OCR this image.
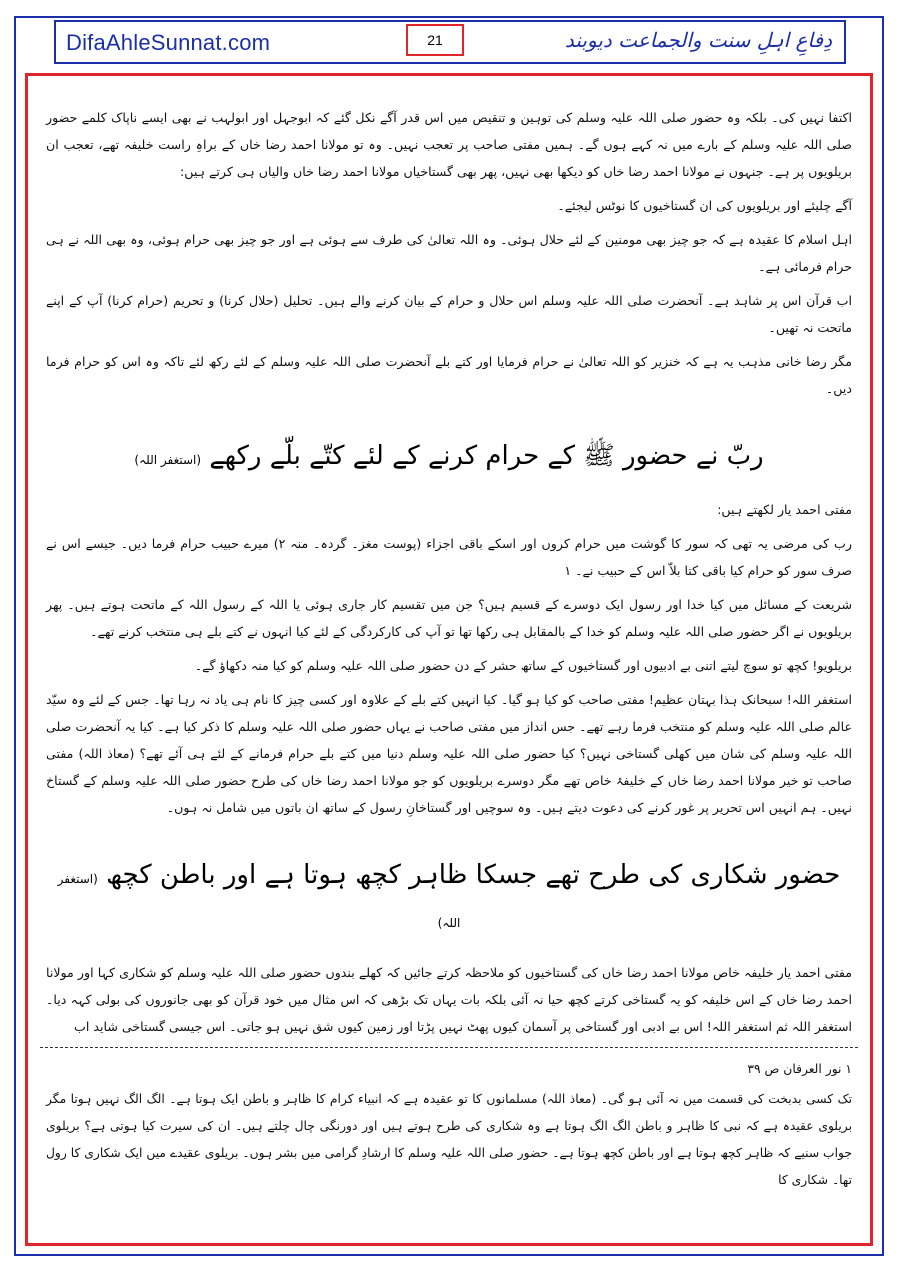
DifaAhleSunnat.com	21	دِفاعِ اہلِ سنت والجماعت دیوبند

اکتفا نہیں کی۔ بلکہ وہ حضور صلی اللہ علیہ وسلم کی توہین و تنقیص میں اس قدر آگے نکل گئے کہ ابوجہل اور ابولہب نے بھی ایسے ناپاک کلمے حضور صلی اللہ علیہ وسلم کے بارے میں نہ کہے ہوں گے۔ ہمیں مفتی صاحب پر تعجب نہیں۔ وہ تو مولانا احمد رضا خاں کے براہِ راست خلیفہ تھے، تعجب ان بریلویوں پر ہے۔ جنہوں نے مولانا احمد رضا خاں کو دیکھا بھی نہیں، پھر بھی گستاخیاں مولانا احمد رضا خاں والیاں ہی کرتے ہیں:

آگے چلیئے اور بریلویوں کی ان گستاخیوں کا نوٹس لیجئے۔

اہل اسلام کا عقیدہ ہے کہ جو چیز بھی مومنین کے لئے حلال ہوئی۔ وہ اللہ تعالیٰ کی طرف سے ہوئی ہے اور جو چیز بھی حرام ہوئی، وہ بھی اللہ نے ہی حرام فرمائی ہے۔

اب قرآن اس پر شاہد ہے۔ آنحضرت صلی اللہ علیہ وسلم اس حلال و حرام کے بیان کرنے والے ہیں۔ تحلیل (حلال کرنا) و تحریم (حرام کرنا) آپ کے اپنے ماتحت نہ تھیں۔

مگر رضا خانی مذہب یہ ہے کہ خنزیر کو اللہ تعالیٰ نے حرام فرمایا اور کتے بلے آنحضرت صلی اللہ علیہ وسلم کے لئے رکھ لئے تاکہ وہ اس کو حرام فرما دیں۔

ربّ نے حضور ﷺ کے حرام کرنے کے لئے کتّے بلّے رکھے (استغفر اللہ)

مفتی احمد یار لکھتے ہیں:

رب کی مرضی یہ تھی کہ سور کا گوشت میں حرام کروں اور اسکے باقی اجزاء (پوست مغز۔ گردہ۔ منہ ۲) میرے حبیب حرام فرما دیں۔ جیسے اس نے صرف سور کو حرام کیا باقی کتا بلاّ اس کے حبیب نے۔ ۱

شریعت کے مسائل میں کیا خدا اور رسول ایک دوسرے کے قسیم ہیں؟ جن میں تقسیم کار جاری ہوئی یا اللہ کے رسول اللہ کے ماتحت ہوتے ہیں۔ پھر بریلویوں نے اگر حضور صلی اللہ علیہ وسلم کو خدا کے بالمقابل ہی رکھا تھا تو آپ کی کارکردگی کے لئے کیا انہوں نے کتے بلے ہی منتخب کرنے تھے۔

بریلویو! کچھ تو سوچ لیتے اتنی بے ادبیوں اور گستاخیوں کے ساتھ حشر کے دن حضور صلی اللہ علیہ وسلم کو کیا منہ دکھاؤ گے۔

استغفر اللہ! سبحانک ہذا بہتان عظیم! مفتی صاحب کو کیا ہو گیا۔ کیا انہیں کتے بلے کے علاوہ اور کسی چیز کا نام ہی یاد نہ رہا تھا۔ جس کے لئے وہ سیّد عالم صلی اللہ علیہ وسلم کو منتخب فرما رہے تھے۔ جس انداز میں مفتی صاحب نے یہاں حضور صلی اللہ علیہ وسلم کا ذکر کیا ہے۔ کیا یہ آنحضرت صلی اللہ علیہ وسلم کی شان میں کھلی گستاخی نہیں؟ کیا حضور صلی اللہ علیہ وسلم دنیا میں کتے بلے حرام فرمانے کے لئے ہی آئے تھے؟ (معاذ اللہ) مفتی صاحب تو خیر مولانا احمد رضا خاں کے خلیفۂ خاص تھے مگر دوسرے بریلویوں کو جو مولانا احمد رضا خاں کی طرح حضور صلی اللہ علیہ وسلم کے گستاخ نہیں۔ ہم انہیں اس تحریر پر غور کرنے کی دعوت دیتے ہیں۔ وہ سوچیں اور گستاخانِ رسول کے ساتھ ان باتوں میں شامل نہ ہوں۔

حضور شکاری کی طرح تھے جسکا ظاہر کچھ ہوتا ہے اور باطن کچھ (استغفر اللہ)

مفتی احمد یار خلیفہ خاص مولانا احمد رضا خاں کی گستاخیوں کو ملاحظہ کرتے جائیں کہ کھلے بندوں حضور صلی اللہ علیہ وسلم کو شکاری کہا اور مولانا احمد رضا خاں کے اس خلیفہ کو یہ گستاخی کرتے کچھ حیا نہ آئی بلکہ بات یہاں تک بڑھی کہ اس مثال میں خود قرآن کو بھی جانوروں کی بولی کہہ دیا۔ استغفر اللہ ثم استغفر اللہ! اس بے ادبی اور گستاخی پر آسمان کیوں پھٹ نہیں پڑتا اور زمین کیوں شق نہیں ہو جاتی۔ اس جیسی گستاخی شاید اب

۱ نور العرفان ص ۳۹

تک کسی بدبخت کی قسمت میں نہ آئی ہو گی۔ (معاذ اللہ) مسلمانوں کا تو عقیدہ ہے کہ انبیاء کرام کا ظاہر و باطن ایک ہوتا ہے۔ الگ الگ نہیں ہوتا مگر بریلوی عقیدہ ہے کہ نبی کا ظاہر و باطن الگ الگ ہوتا ہے وہ شکاری کی طرح ہوتے ہیں اور دورنگی چال چلتے ہیں۔ ان کی سیرت کیا ہوتی ہے؟ بریلوی جواب سنیے کہ ظاہر کچھ ہوتا ہے اور باطن کچھ ہوتا ہے۔ حضور صلی اللہ علیہ وسلم کا ارشادِ گرامی میں بشر ہوں۔ بریلوی عقیدے میں ایک شکاری کا رول تھا۔ شکاری کا
